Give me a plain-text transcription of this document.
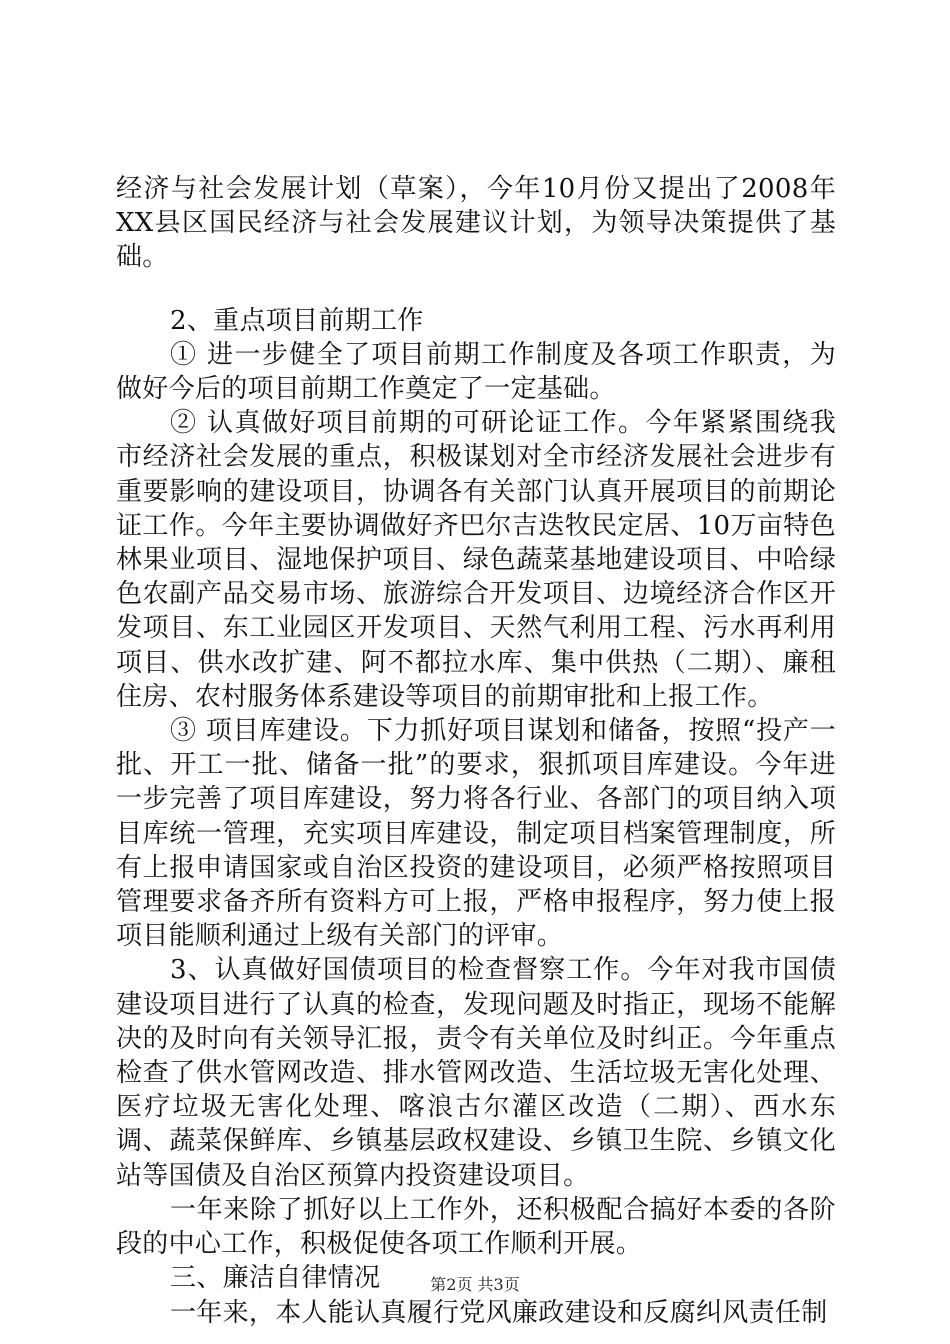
经济与社会发展计划（草案），今年10月份又提出了2008年XX县区国民经济与社会发展建议计划，为领导决策提供了基础。

2、重点项目前期工作

① 进一步健全了项目前期工作制度及各项工作职责，为做好今后的项目前期工作奠定了一定基础。

② 认真做好项目前期的可研论证工作。今年紧紧围绕我市经济社会发展的重点，积极谋划对全市经济发展社会进步有重要影响的建设项目，协调各有关部门认真开展项目的前期论证工作。今年主要协调做好齐巴尔吉迭牧民定居、10万亩特色林果业项目、湿地保护项目、绿色蔬菜基地建设项目、中哈绿色农副产品交易市场、旅游综合开发项目、边境经济合作区开发项目、东工业园区开发项目、天然气利用工程、污水再利用项目、供水改扩建、阿不都拉水库、集中供热（二期）、廉租住房、农村服务体系建设等项目的前期审批和上报工作。

③ 项目库建设。下力抓好项目谋划和储备，按照“投产一批、开工一批、储备一批”的要求，狠抓项目库建设。今年进一步完善了项目库建设，努力将各行业、各部门的项目纳入项目库统一管理，充实项目库建设，制定项目档案管理制度，所有上报申请国家或自治区投资的建设项目，必须严格按照项目管理要求备齐所有资料方可上报，严格申报程序，努力使上报项目能顺利通过上级有关部门的评审。

3、认真做好国债项目的检查督察工作。今年对我市国债建设项目进行了认真的检查，发现问题及时指正，现场不能解决的及时向有关领导汇报，责令有关单位及时纠正。今年重点检查了供水管网改造、排水管网改造、生活垃圾无害化处理、医疗垃圾无害化处理、喀浪古尔灌区改造（二期）、西水东调、蔬菜保鲜库、乡镇基层政权建设、乡镇卫生院、乡镇文化站等国债及自治区预算内投资建设项目。

一年来除了抓好以上工作外，还积极配合搞好本委的各阶段的中心工作，积极促使各项工作顺利开展。

三、廉洁自律情况

一年来，本人能认真履行党风廉政建设和反腐纠风责任制

第2页 共3页
